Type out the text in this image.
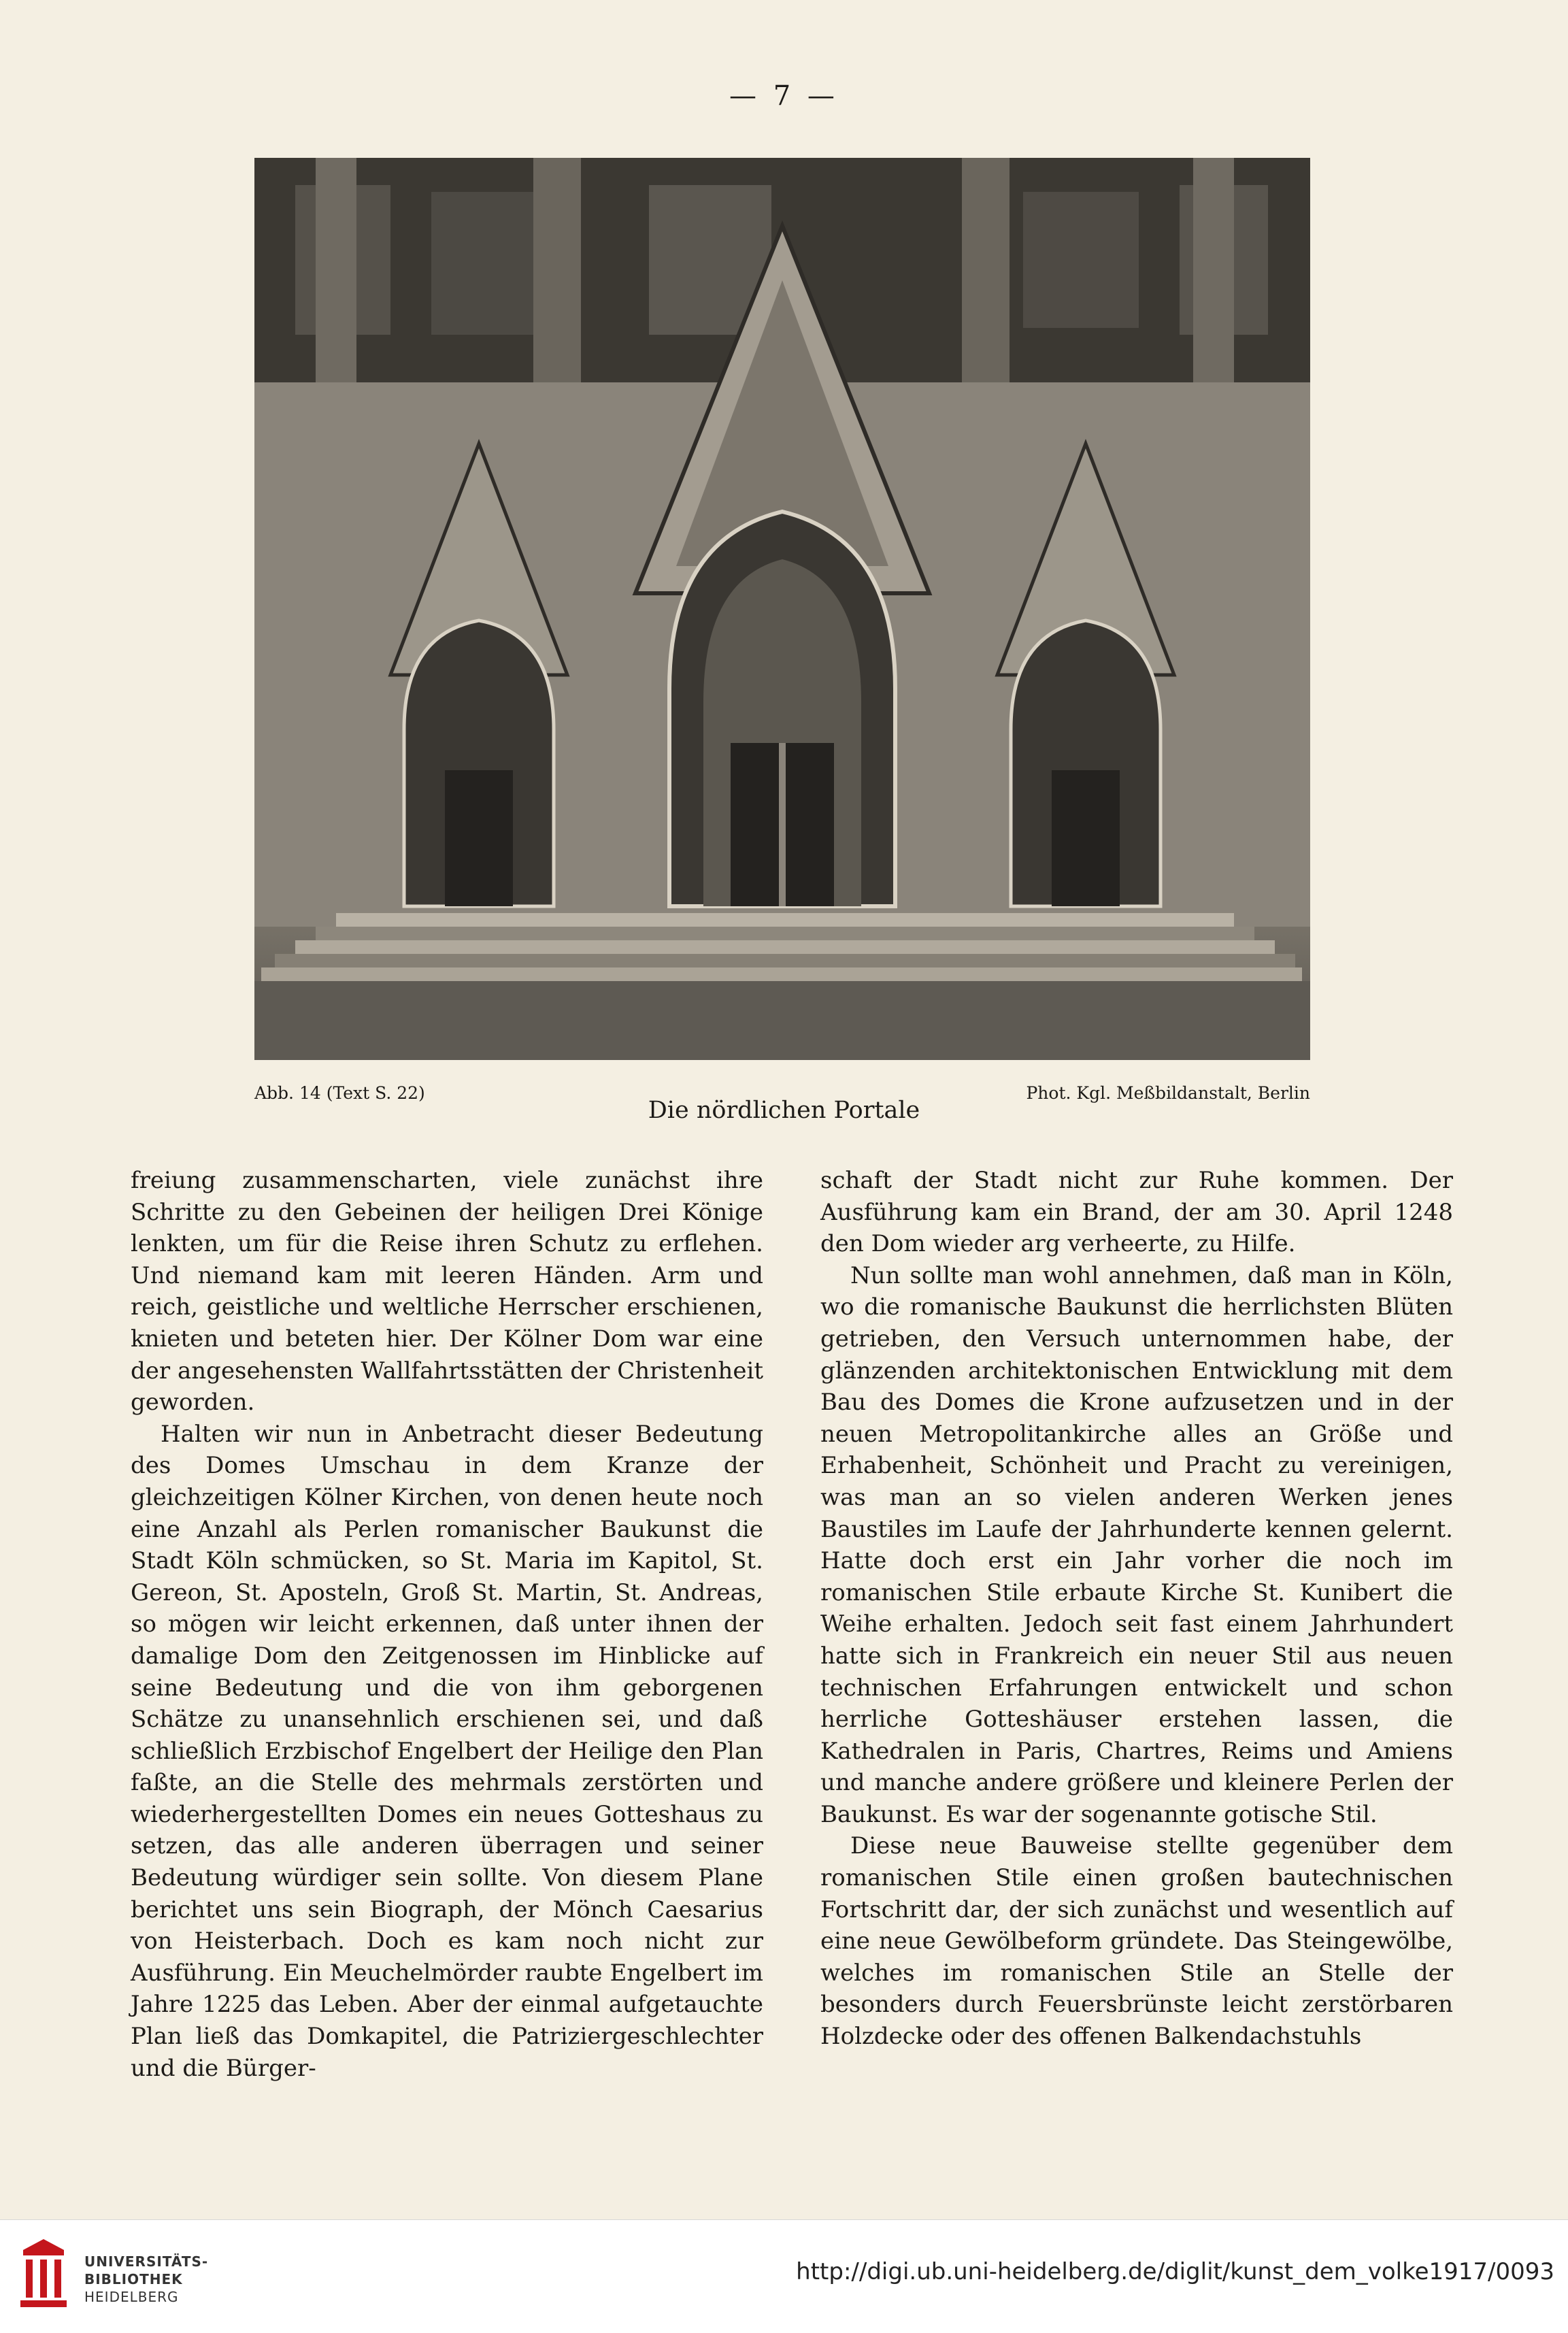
— 7 —
Abb. 14 (Text S. 22)	Phot. Kgl. Meßbildanstalt, Berlin
Die nördlichen Portale

freiung zusammenscharten, viele zunächst ihre Schritte zu den Gebeinen der heiligen Drei Könige lenkten, um für die Reise ihren Schutz zu erflehen. Und niemand kam mit leeren Händen. Arm und reich, geistliche und weltliche Herrscher erschienen, knieten und beteten hier. Der Kölner Dom war eine der angesehensten Wallfahrtsstätten der Christenheit geworden.

Halten wir nun in Anbetracht dieser Bedeutung des Domes Umschau in dem Kranze der gleichzeitigen Kölner Kirchen, von denen heute noch eine Anzahl als Perlen romanischer Baukunst die Stadt Köln schmücken, so St. Maria im Kapitol, St. Gereon, St. Aposteln, Groß St. Martin, St. Andreas, so mögen wir leicht erkennen, daß unter ihnen der damalige Dom den Zeitgenossen im Hinblicke auf seine Bedeutung und die von ihm geborgenen Schätze zu unansehnlich erschienen sei, und daß schließlich Erzbischof Engelbert der Heilige den Plan faßte, an die Stelle des mehrmals zerstörten und wiederhergestellten Domes ein neues Gotteshaus zu setzen, das alle anderen überragen und seiner Bedeutung würdiger sein sollte. Von diesem Plane berichtet uns sein Biograph, der Mönch Caesarius von Heisterbach. Doch es kam noch nicht zur Ausführung. Ein Meuchelmörder raubte Engelbert im Jahre 1225 das Leben. Aber der einmal aufgetauchte Plan ließ das Domkapitel, die Patriziergeschlechter und die Bürger-

schaft der Stadt nicht zur Ruhe kommen. Der Ausführung kam ein Brand, der am 30. April 1248 den Dom wieder arg verheerte, zu Hilfe.

Nun sollte man wohl annehmen, daß man in Köln, wo die romanische Baukunst die herrlichsten Blüten getrieben, den Versuch unternommen habe, der glänzenden architektonischen Entwicklung mit dem Bau des Domes die Krone aufzusetzen und in der neuen Metropolitankirche alles an Größe und Erhabenheit, Schönheit und Pracht zu vereinigen, was man an so vielen anderen Werken jenes Baustiles im Laufe der Jahrhunderte kennen gelernt. Hatte doch erst ein Jahr vorher die noch im romanischen Stile erbaute Kirche St. Kunibert die Weihe erhalten. Jedoch seit fast einem Jahrhundert hatte sich in Frankreich ein neuer Stil aus neuen technischen Erfahrungen entwickelt und schon herrliche Gotteshäuser erstehen lassen, die Kathedralen in Paris, Chartres, Reims und Amiens und manche andere größere und kleinere Perlen der Baukunst. Es war der sogenannte gotische Stil.

Diese neue Bauweise stellte gegenüber dem romanischen Stile einen großen bautechnischen Fortschritt dar, der sich zunächst und wesentlich auf eine neue Gewölbeform gründete. Das Steingewölbe, welches im romanischen Stile an Stelle der besonders durch Feuersbrünste leicht zerstörbaren Holzdecke oder des offenen Balkendachstuhls

UNIVERSITÄTS-
BIBLIOTHEK
HEIDELBERG
http://digi.ub.uni-heidelberg.de/diglit/kunst_dem_volke1917/0093
